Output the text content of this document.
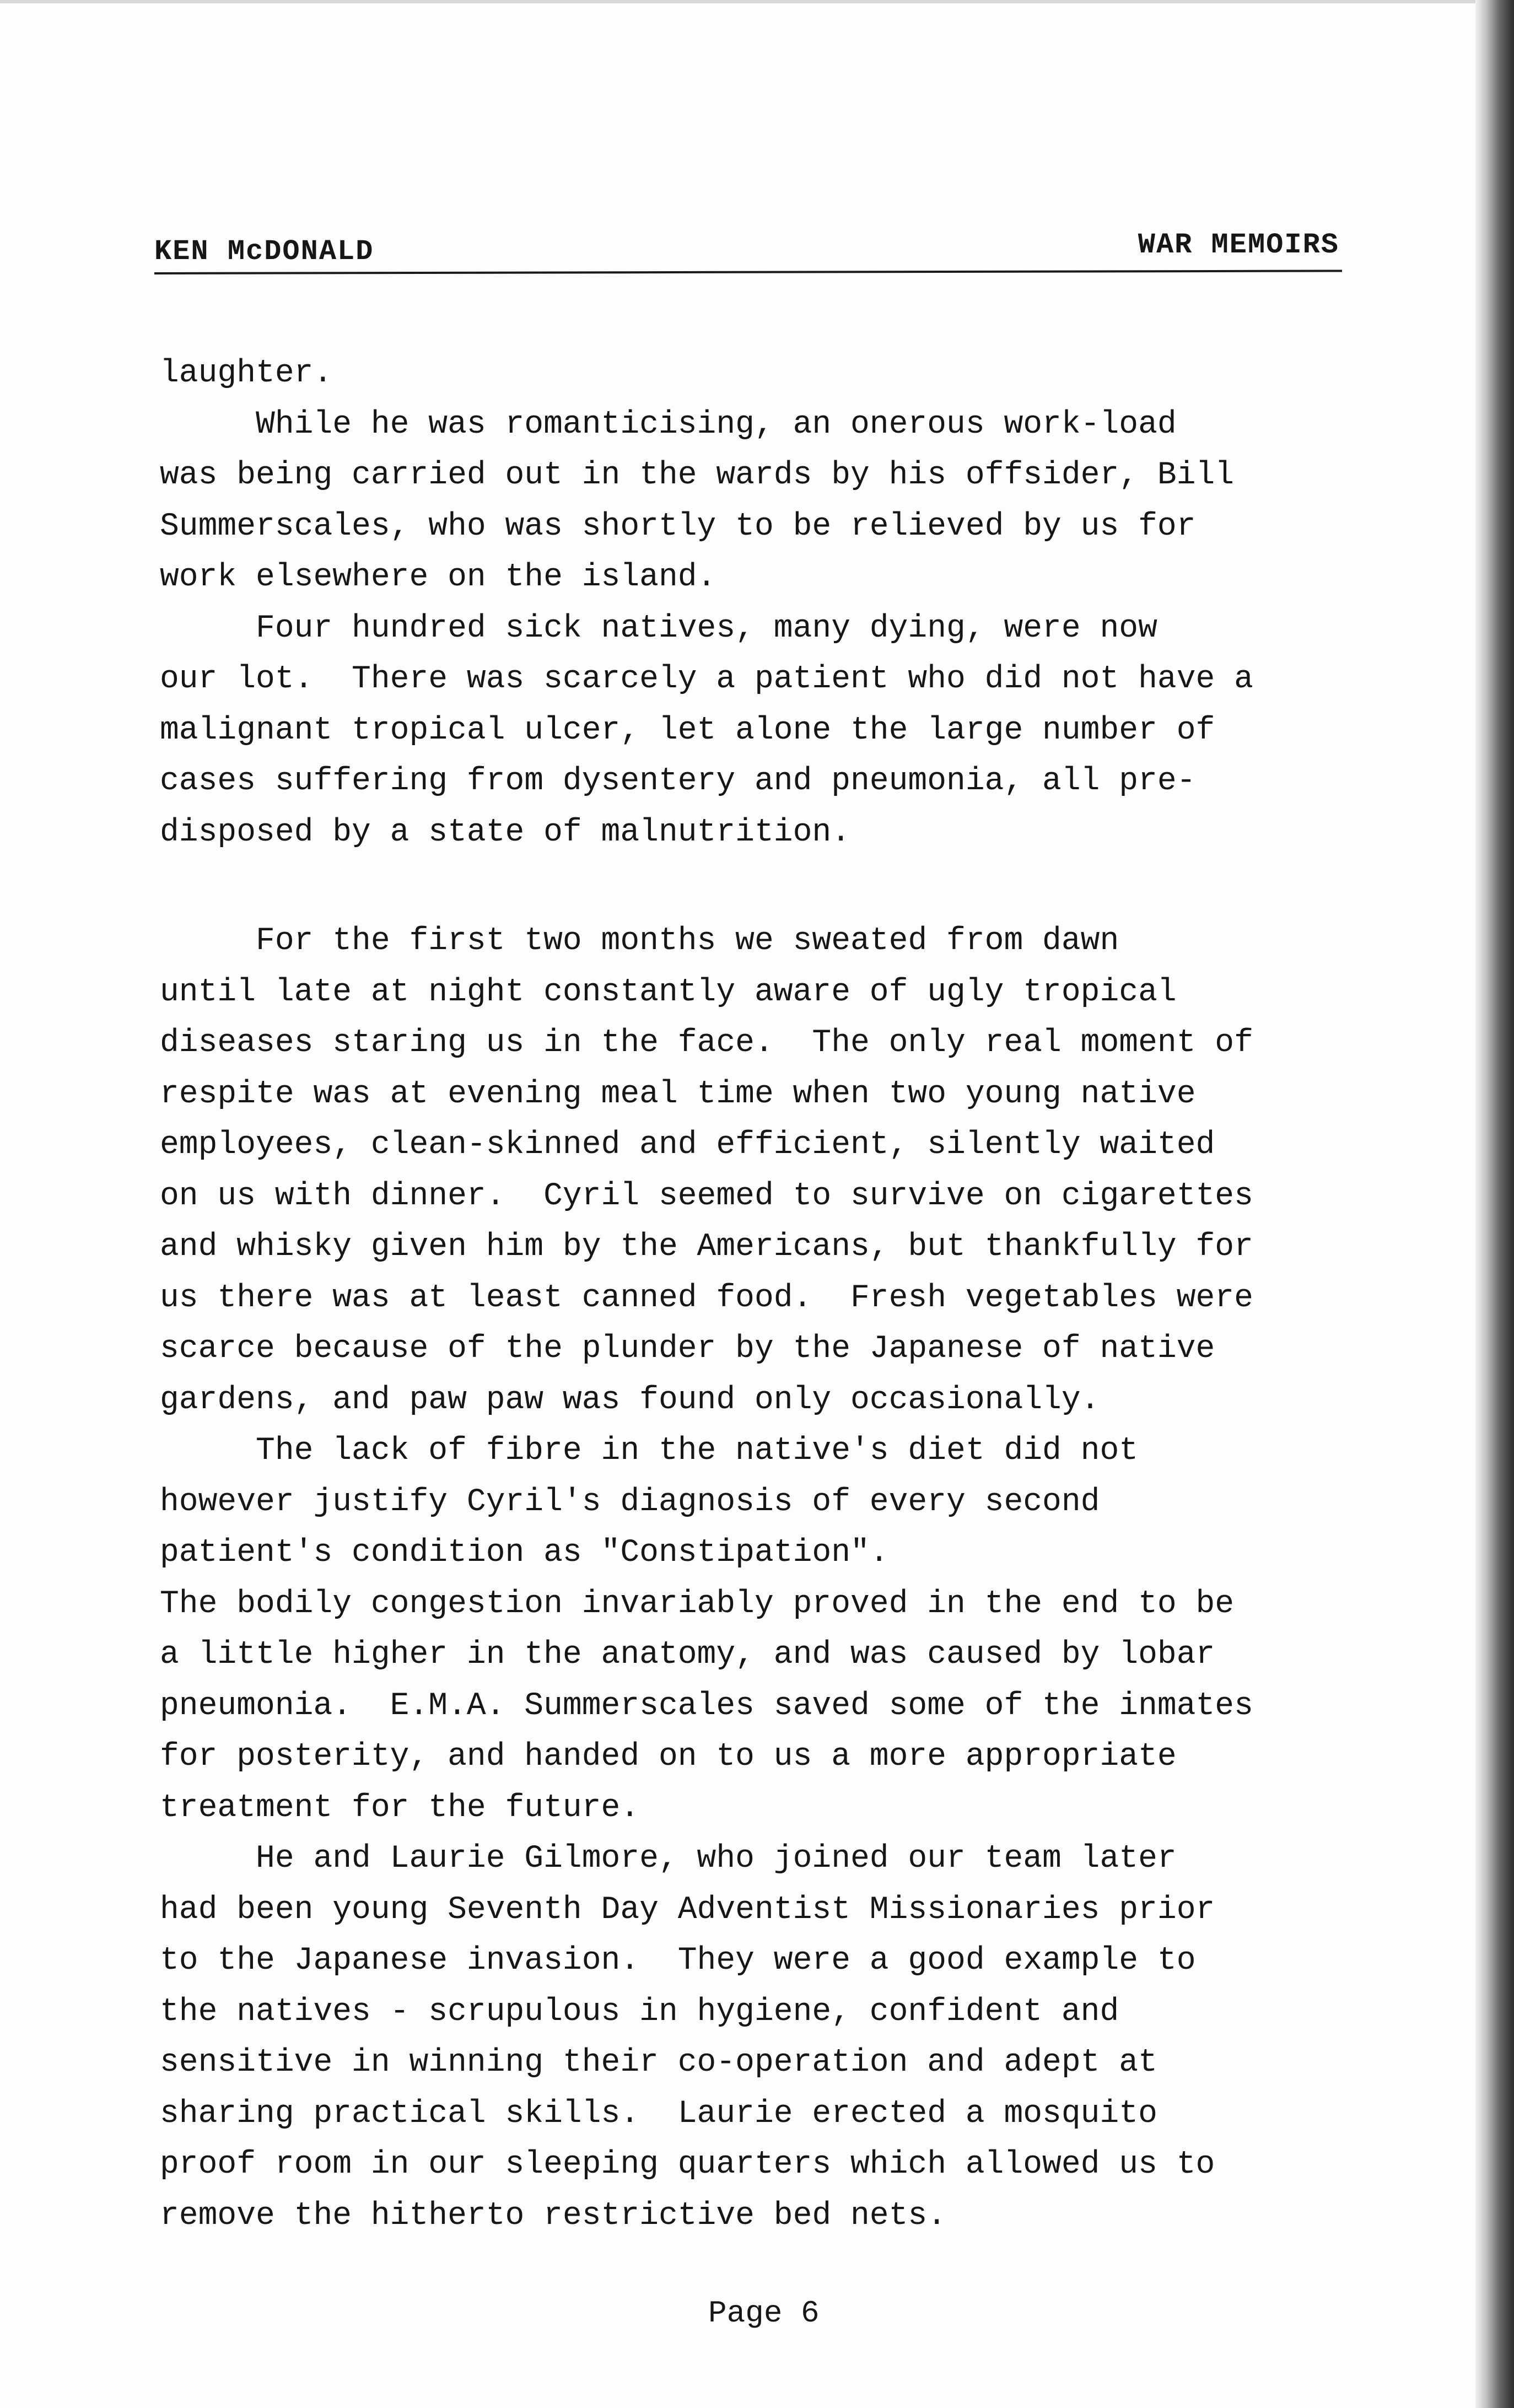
KEN McDONALD	WAR MEMOIRS

laughter.

While he was romanticising, an onerous work-load

was being carried out in the wards by his offsider, Bill

Summerscales, who was shortly to be relieved by us for

work elsewhere on the island.

Four hundred sick natives, many dying, were now

our lot.  There was scarcely a patient who did not have a

malignant tropical ulcer, let alone the large number of

cases suffering from dysentery and pneumonia, all pre-

disposed by a state of malnutrition.

For the first two months we sweated from dawn

until late at night constantly aware of ugly tropical

diseases staring us in the face.  The only real moment of

respite was at evening meal time when two young native

employees, clean-skinned and efficient, silently waited

on us with dinner.  Cyril seemed to survive on cigarettes

and whisky given him by the Americans, but thankfully for

us there was at least canned food.  Fresh vegetables were

scarce because of the plunder by the Japanese of native

gardens, and paw paw was found only occasionally.

The lack of fibre in the native's diet did not

however justify Cyril's diagnosis of every second

patient's condition as "Constipation".

The bodily congestion invariably proved in the end to be

a little higher in the anatomy, and was caused by lobar

pneumonia.  E.M.A. Summerscales saved some of the inmates

for posterity, and handed on to us a more appropriate

treatment for the future.

He and Laurie Gilmore, who joined our team later

had been young Seventh Day Adventist Missionaries prior

to the Japanese invasion.  They were a good example to

the natives - scrupulous in hygiene, confident and

sensitive in winning their co-operation and adept at

sharing practical skills.  Laurie erected a mosquito

proof room in our sleeping quarters which allowed us to

remove the hitherto restrictive bed nets.

Page 6
